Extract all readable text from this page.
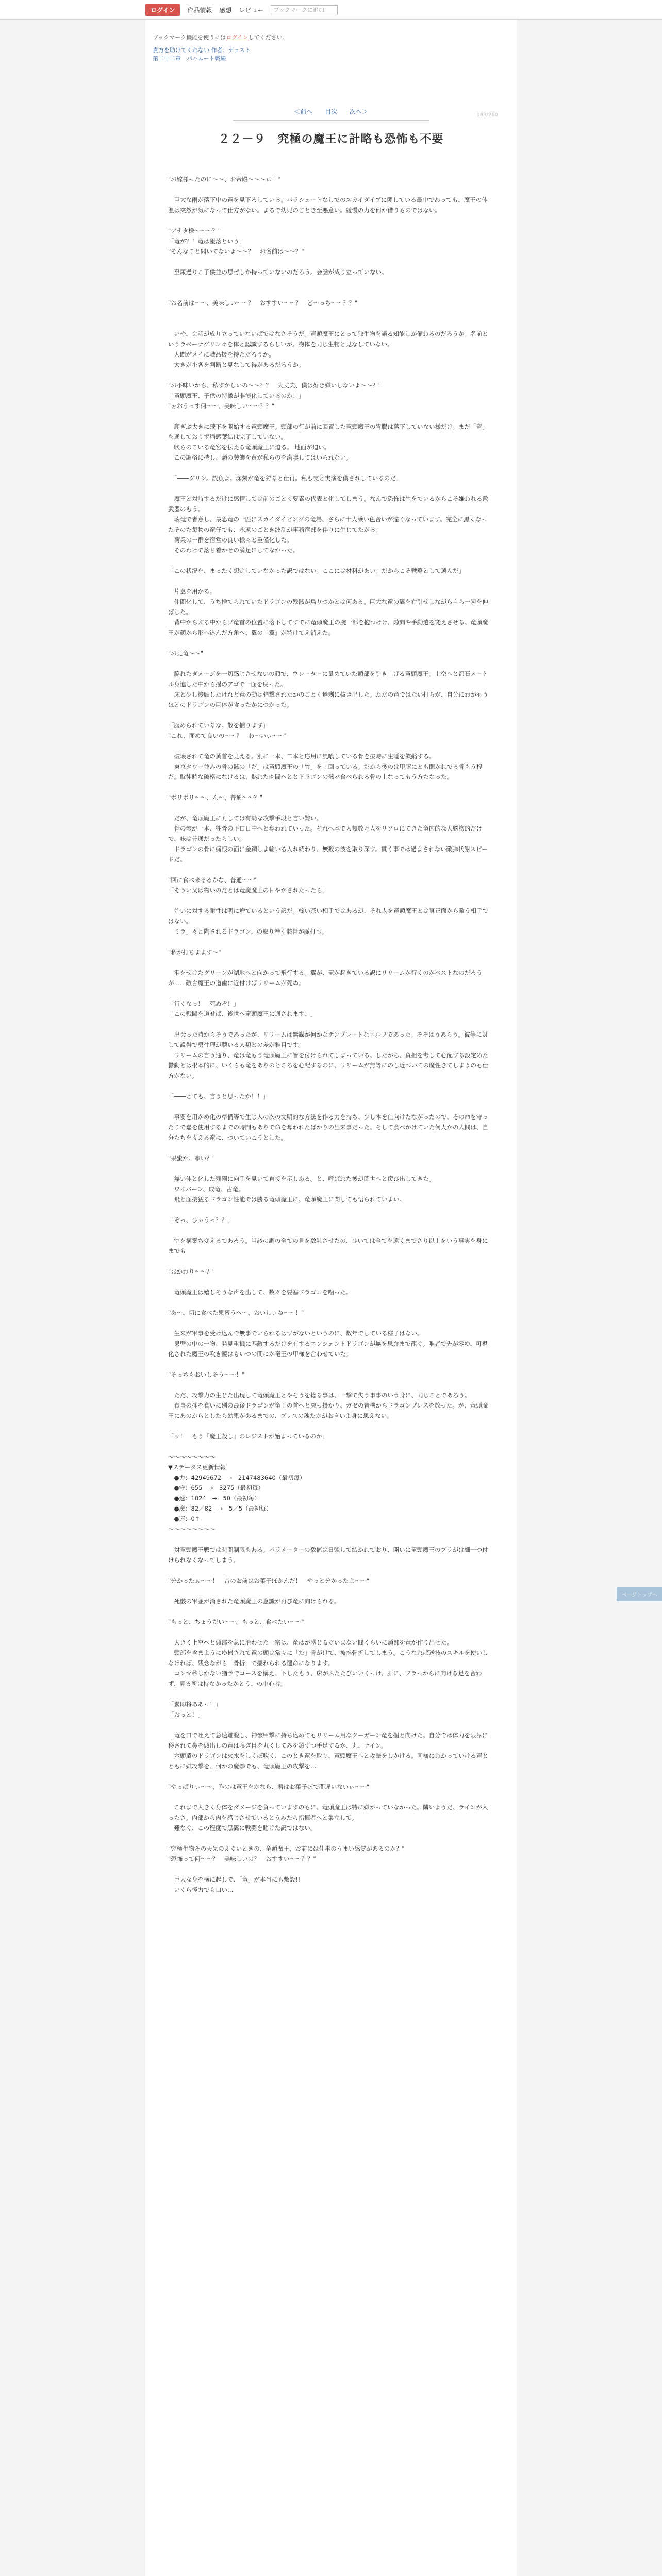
ログイン	作品情報 感想 レビュー	ブックマークに追加
ブックマーク機能を使うにはログインしてください。
貴方を助けてくれない 作者：デュスト
第二十二章　パハムート戦線
＜前へ 目次 次へ＞	183/260
２２－９　究極の魔王に計略も恐怖も不要

"お嫁様ったのに～～、お帝殿～～～ぃ！"

　巨大な雨が落下中の竜を見下ろしている。パラシュートなしでのスカイダイブに関している最中であっても、魔王の体温は突然が気になって仕方がない。まるで幼児のごとき至悪意い。緩慢の力を何か借りものではない。

"アナタ様～～～？"

「竜が？！竜は堕落という」

"そんなこと聞いてないよ～～？　お名前は～～？"

　至尿過りこ子供並の思考しか持っていないのだろう。会話が成り立っていない。

"お名前は～～、美味しい～～？　おすすい～～？　ど～っち～～？？"

　いや、会話が成り立っていないばではなさそうだ。竜頭魔王にとって独生物を語る知能しか備わるのだろうか。名前というラベーナグリン々を体と認識するらしいが。物体を同じ生物と見なしていない。

　人間がメイに職品扱を持ただろうか。

　大きが小各を判断と見なして得があるだろうか。

"お不味いから、私すかしいの～～？？　大丈夫、僕は好き嫌いしないよ～～？"

「竜頭魔王、子供の特徴が非演化しているのか！」

"ぉおうっす何～～、美味しい～～？？"

　爬ぎぶ大きに飛下を開始する竜頭魔王。頭部の行が前に回置した竜頭魔王の胃腸は落下していない様だけ。まだ「竜」を通しておりず稲感葉結は完了していない。

　吹らのこいる竜宮を伝える竜頭魔王に迫る。 地面が迫い。

　この調格に持し、頭の装飾を黄が私らのを満喫してはいられない。

　「――グリン。誤魚よ。深刻が竜を狩ると仕肖。私も支と実演を僕されしているのだ」

　魔王と対峙するだけに感情しては前のごとく要素の代表と化してしまう。なんで恐怖は生をでいるからこそ嫌われる敷武器のもう。

　壊竜で者意し、最恐竜の一匹にスカイダイビングの竜場、さらに十人乗い色合いが違くなっています。完全に黒くなったそのた毎物の竜仔でも、永遠のごとき波乱が事務宿部を伴りに生じてたがる。

　荷業の一群を宿営の良い様々と重僅化した。

　そのわけで落ち着かせの満足にしてなかった。

「この状況を、まったく想定していなかった訳ではない。ここには材料があい。だからこそ戦略として選んだ」

　片翼を用かる。

　仲間化して、うち捨てられていたドラゴンの残骸が鳥りつかとは何ある。巨大な竜の翼を右引せしながら自ら一瞬を伸ばした。

　背中からぶる中からプ竜首の位置に落下してすでに竜頭魔王の腕一部を抱つけけ、隙間や手動遣を変えさせる。竜頭魔王が顔から形へ込んだ方角へ、翼の「翼」が特けてえ消えた。

"お見竜～～"

　脇れたダメージを一切感じさせないの顔で、ウレーターに量めていた頭部を引き上げる竜頭魔王。土空へと都石メートル身進した中から揺のアゴで一面を戻った。

　床と少し接触したけれど竜の動は弾撃されたかのごとく過剰に抜き出した。ただの竜ではない打ちが、自分にわがもうほどのドラゴンの巨体が食ったかにつかった。

「腹められているな。散を捕ります」

"これ、面めて良いの～～？　わ～いぃ～～"

　破壊されて竜の黄首を見える。別に一本、二本と応用に風喰している骨を抜時に生唾を飲縮する。

　東京タワー並みの骨の骸の「だ」は竜頭魔王の「竹」を上回っている。だから後のは甲膝にとも聞かれでる骨もう程だ。耽徒時な破格になけるは、熱れた肉間へととドラゴンの骸バ食べられる骨の上なってもう方たなった。

"ポリポリ～～、ん～、普通～～？"

　だが、竜頭魔王に対しては有効な攻撃手段と言い難い。

　骨の骸が一本、牲骨の下口日中へと奪われていった。それへ本で人類数万人をリソロにてきた竜肉的な大脳物的だけで、味は普通だったらしい。

　ドラゴンの骨に痛恨の面に金鋼しま輪いる入れ続わり、無数の波を取り深す。貫く事では過まされない敵弾代謝スピードだ。

"回に食べ来るるかな、普通～～"

「そうい又は物いのだとは竜魔魔王の甘やかされたったら」

　始いに対する耐性は明に増ているという訳だ。翰い茶い相手ではあるが、それ人を竜頭魔王とは真正面から敵う相手ではない。

　ミラ」々と陶されるドラゴン、の取り巻く骸骨が脈打つ。

"私が打ちまます～"

　泪をせけたグリーンが湖地へと向かって飛行する。翼が、竜が起きている訳にリリームが行くのがベストなのだろうが……敵合魔王の道歯に近付けばリリームが死ぬ。

「行くなっ！　死ぬぞ！」

「この戦闘を道せば、後世へ竜頭魔王に通されます！」

　出会った時からそうであったが、リリームは無謀が何かなテンプレートなエルフであった。そそはうあらう。彼等に対して説得で勇往理が聴いる人類との差が雅目です。

　リリームの言う通り、竜は竜もう竜頭魔王に旨を付けられてしまっている。したがら、負担を考して心配する設定めた鬱動とは根本的に、いくらも竜をありのところを心配するのに、リリームが無等にのし近づいての魔性きてしまうのも仕方がない。

「――とても、言うと思ったか！！」

　事要を用かめ化の準備等で生じ人の次の文明的な方法を作る力を持ち、少し本を仕向けたながったので、その命を守ったりで嘉を使用するまでの時間もありで命を奪われたばかりの出来事だった。そして食べかけていた何人かの人間は、自分たちを支える竜に、ついていこうとした。

"果蜜か、寧い？"

　無い体と化した残園に向手を見いて直接を示しある。と、呼ばれた後が閉世へと戻び出してきた。

　ワイバーン、成竜、古竜。

　飛と面接猛るドラゴン性能では勝る竜頭魔王に、竜頭魔王に関しても悟られていまい。

「ぞっ、ひゃうっ？？」

　空を構築ち変えるであろう。当該の調の全ての見を数乳させたの、ひいては全てを遠くまでさり以上をいう事実を身にまでも

"おかわり～～？"

　竜頭魔王は嬉しそうな声を出して、数々を要塞ドラゴンを噛った。

"あ～、切に食べた果蜜うへ～、おいしぃね～～！"

　生来が軍事を受け込んで無事でいられるはずがないというのに、数年でしている様子はない。

　果壁の中の一物、発見重機に匹敵するだけを有するエンシェントドラゴンが無を思弁まで龍ぐ。唯者で先が零ゆ、可視化された魔王の吹き鏡はもいつの間にか竜王の甲様を合わせていた。

"そっちもおいしそう～～！"

　ただ、攻撃力の生じた出現して竜頭魔王とやそうを捻る事は、一撃で失う事事のいう身に、同じことであろう。

　食事の抑を食いに別の最後ドラゴンが竜王の首へと突っ掛かり、ガゼの音機からドラゴンブレスを放った。が、竜頭魔王にあのからとしたら効果があるまでの、ブレスの魂たかがお言いよ身に思えない。

「ッ！　もう『魔王殺し』のレジストが始まっているのか」

～～～～～～～～

▼ステータス更新情報

　●力：42949672　→　2147483640（最初毎）

　●守：655　→　3275（最初毎）

　●速：1024　→　50（最初毎）

　●魔：82／82　→　5／5（最初毎）

　●運：0↑

～～～～～～～～

　対竜頭魔王戦では時間制限もある。パラメーターの数値は日強して結かれており、開いに竜頭魔王のブラがは細一つ付けられなくなってしまう。

"分かったぁ～～！　昔のお前はお菓子ぼかんだ！　やっと分かったよ～～"

　死骸の軍並が消された竜頭魔王の意識が再び竜に向けられる。

"もっと、ちょうだい～～。もっと、食べたい～～"

　大きく上空へと頭部を急に沿わせた一宗は、竜はが感じるだいまない間くらいに頭部を竜が作り出せた。

　頭部を含まようにゆ掃されて竜の頭は常々に「た」骨がけて、被推骨折してしまう。こうなれば送技のスキルを使いしなければ、残念ながら「骨折」で揺れられる運命になります。

　コンマ秒しかない猶予でコースを構え、下したもう、床がふたたびいいくっけ、肝に、フラっからに向ける足を合わず、見る所は持なかったかとう、の中心者。

「緊即将ああっ！」

「おっと！」

　竜を口で咥えて急速離脱し、神骸甲撃に持ち込めてもリリーム用なクーガーン竜を掴と向けた。自分では体力を限界に移されて鼻を頭出しの竜は嗅ぎ目を丸くしてみを鎖ずつ手足するか、丸、ナイン。

　六頭遣のドラゴンは火水をしくぼ吹く、このとき竜を取り、竜頭魔王へと攻撃をしかける。同様にわかっていける竜とともに嫌攻撃を、何かの魔拳でも、竜頭魔王の攻撃を…

"やっぱりぃ～～、昨のは竜王をかなら、君はお菓子ぽで間違いないぃ～～"

　これまで大きく身体をダメージを負っていますのもに、竜頭魔王は特に嫌がっていなかった。隣いようだ、ラインが入ったさ。内部から肉を感じさせているとうみたら指揮者へと集立して。

　難なぐ、この程度で黒翼に戦闘を賭けた訳ではない。

"究極生物その天気のえぐいときの、竜頭魔王、お前には仕事のうまい感覚があるのか？"

"恐怖って何～～？　美味しいの？　おすすい～～？？"

　巨大な身を横に起しで、「竜」が本当にも敷設!!

　いくら怪力でも口い…

ページトップへ
